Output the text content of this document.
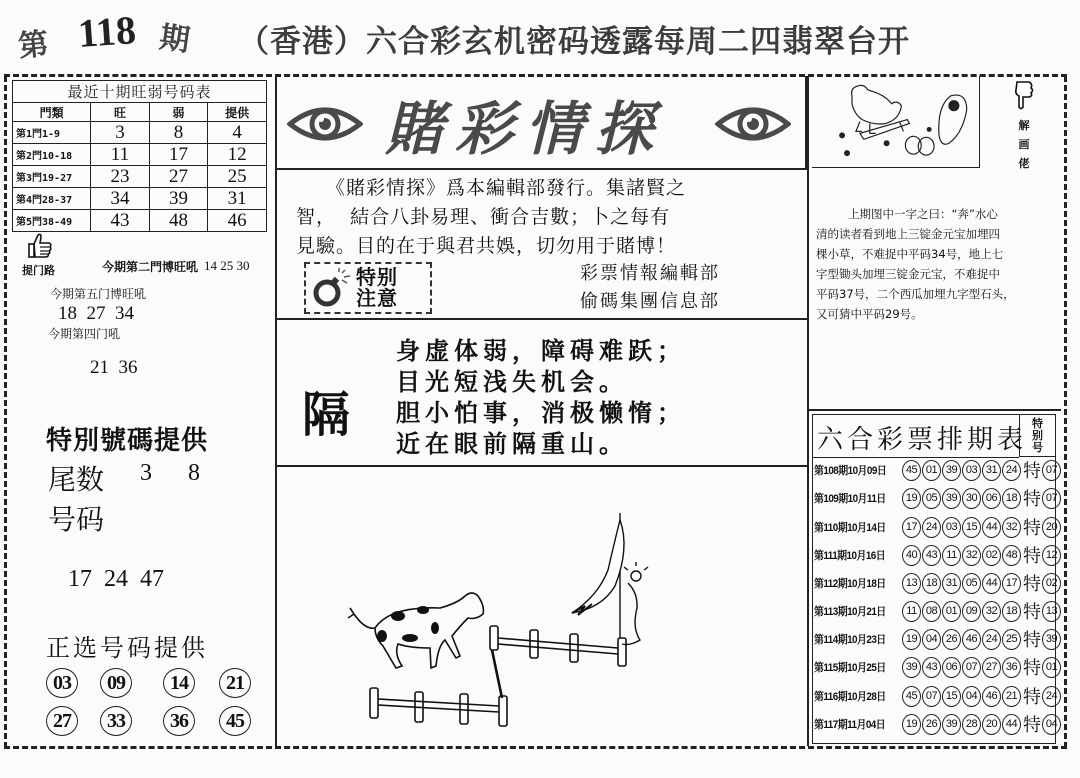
第 118 期 （香港）六合彩玄机密码透露每周二四翡翠台开
最近十期旺弱号码表			
門類	旺	弱	提供
第1門1-9	3	8	4
第2門10-18	11	17	12
第3門19-27	23	27	25
第4門28-37	34	39	31
第5門38-49	43	48	46
提门路	今期第二門博旺吼 14 25 30
今期第五门博旺吼
18  27  34
今期第四门吼
21  36
特別號碼提供
尾数 3 8
号码
17  24  47
正选号码提供
03	09	14	21
27	33	36	45
賭彩情探
《賭彩情探》爲本編輯部發行。集諸賢之
智，  結合八卦易理、衝合吉數；卜之每有
見驗。目的在于與君共娛，切勿用于賭博！
特别
注意
彩票情報編輯部
偷碼集團信息部
隔
身虚体弱，障碍难跃；
目光短浅失机会。
胆小怕事，消极懒惰；
近在眼前隔重山。
解
画
佬
上期图中一字之曰：“奔”水心
清的读者看到地上三锭金元宝加埋四
棵小草，不难捉中平码34号，地上七
字型锄头加埋三锭金元宝，不难捉中
平码37号，二个西瓜加埋九字型石头，
又可猜中平码29号。
六合彩票排期表
特
别
号
第108期10月09日	45 01 39 03 31 24 特 07
第109期10月11日	19 05 39 30 06 18 特 07
第110期10月14日	17 24 03 15 44 32 特 20
第111期10月16日	40 43 11 32 02 48 特 12
第112期10月18日	13 18 31 05 44 17 特 02
第113期10月21日	11 08 01 09 32 18 特 13
第114期10月23日	19 04 26 46 24 25 特 39
第115期10月25日	39 43 06 07 27 36 特 01
第116期10月28日	45 07 15 04 46 21 特 24
第117期11月04日	19 26 39 28 20 44 特 04
